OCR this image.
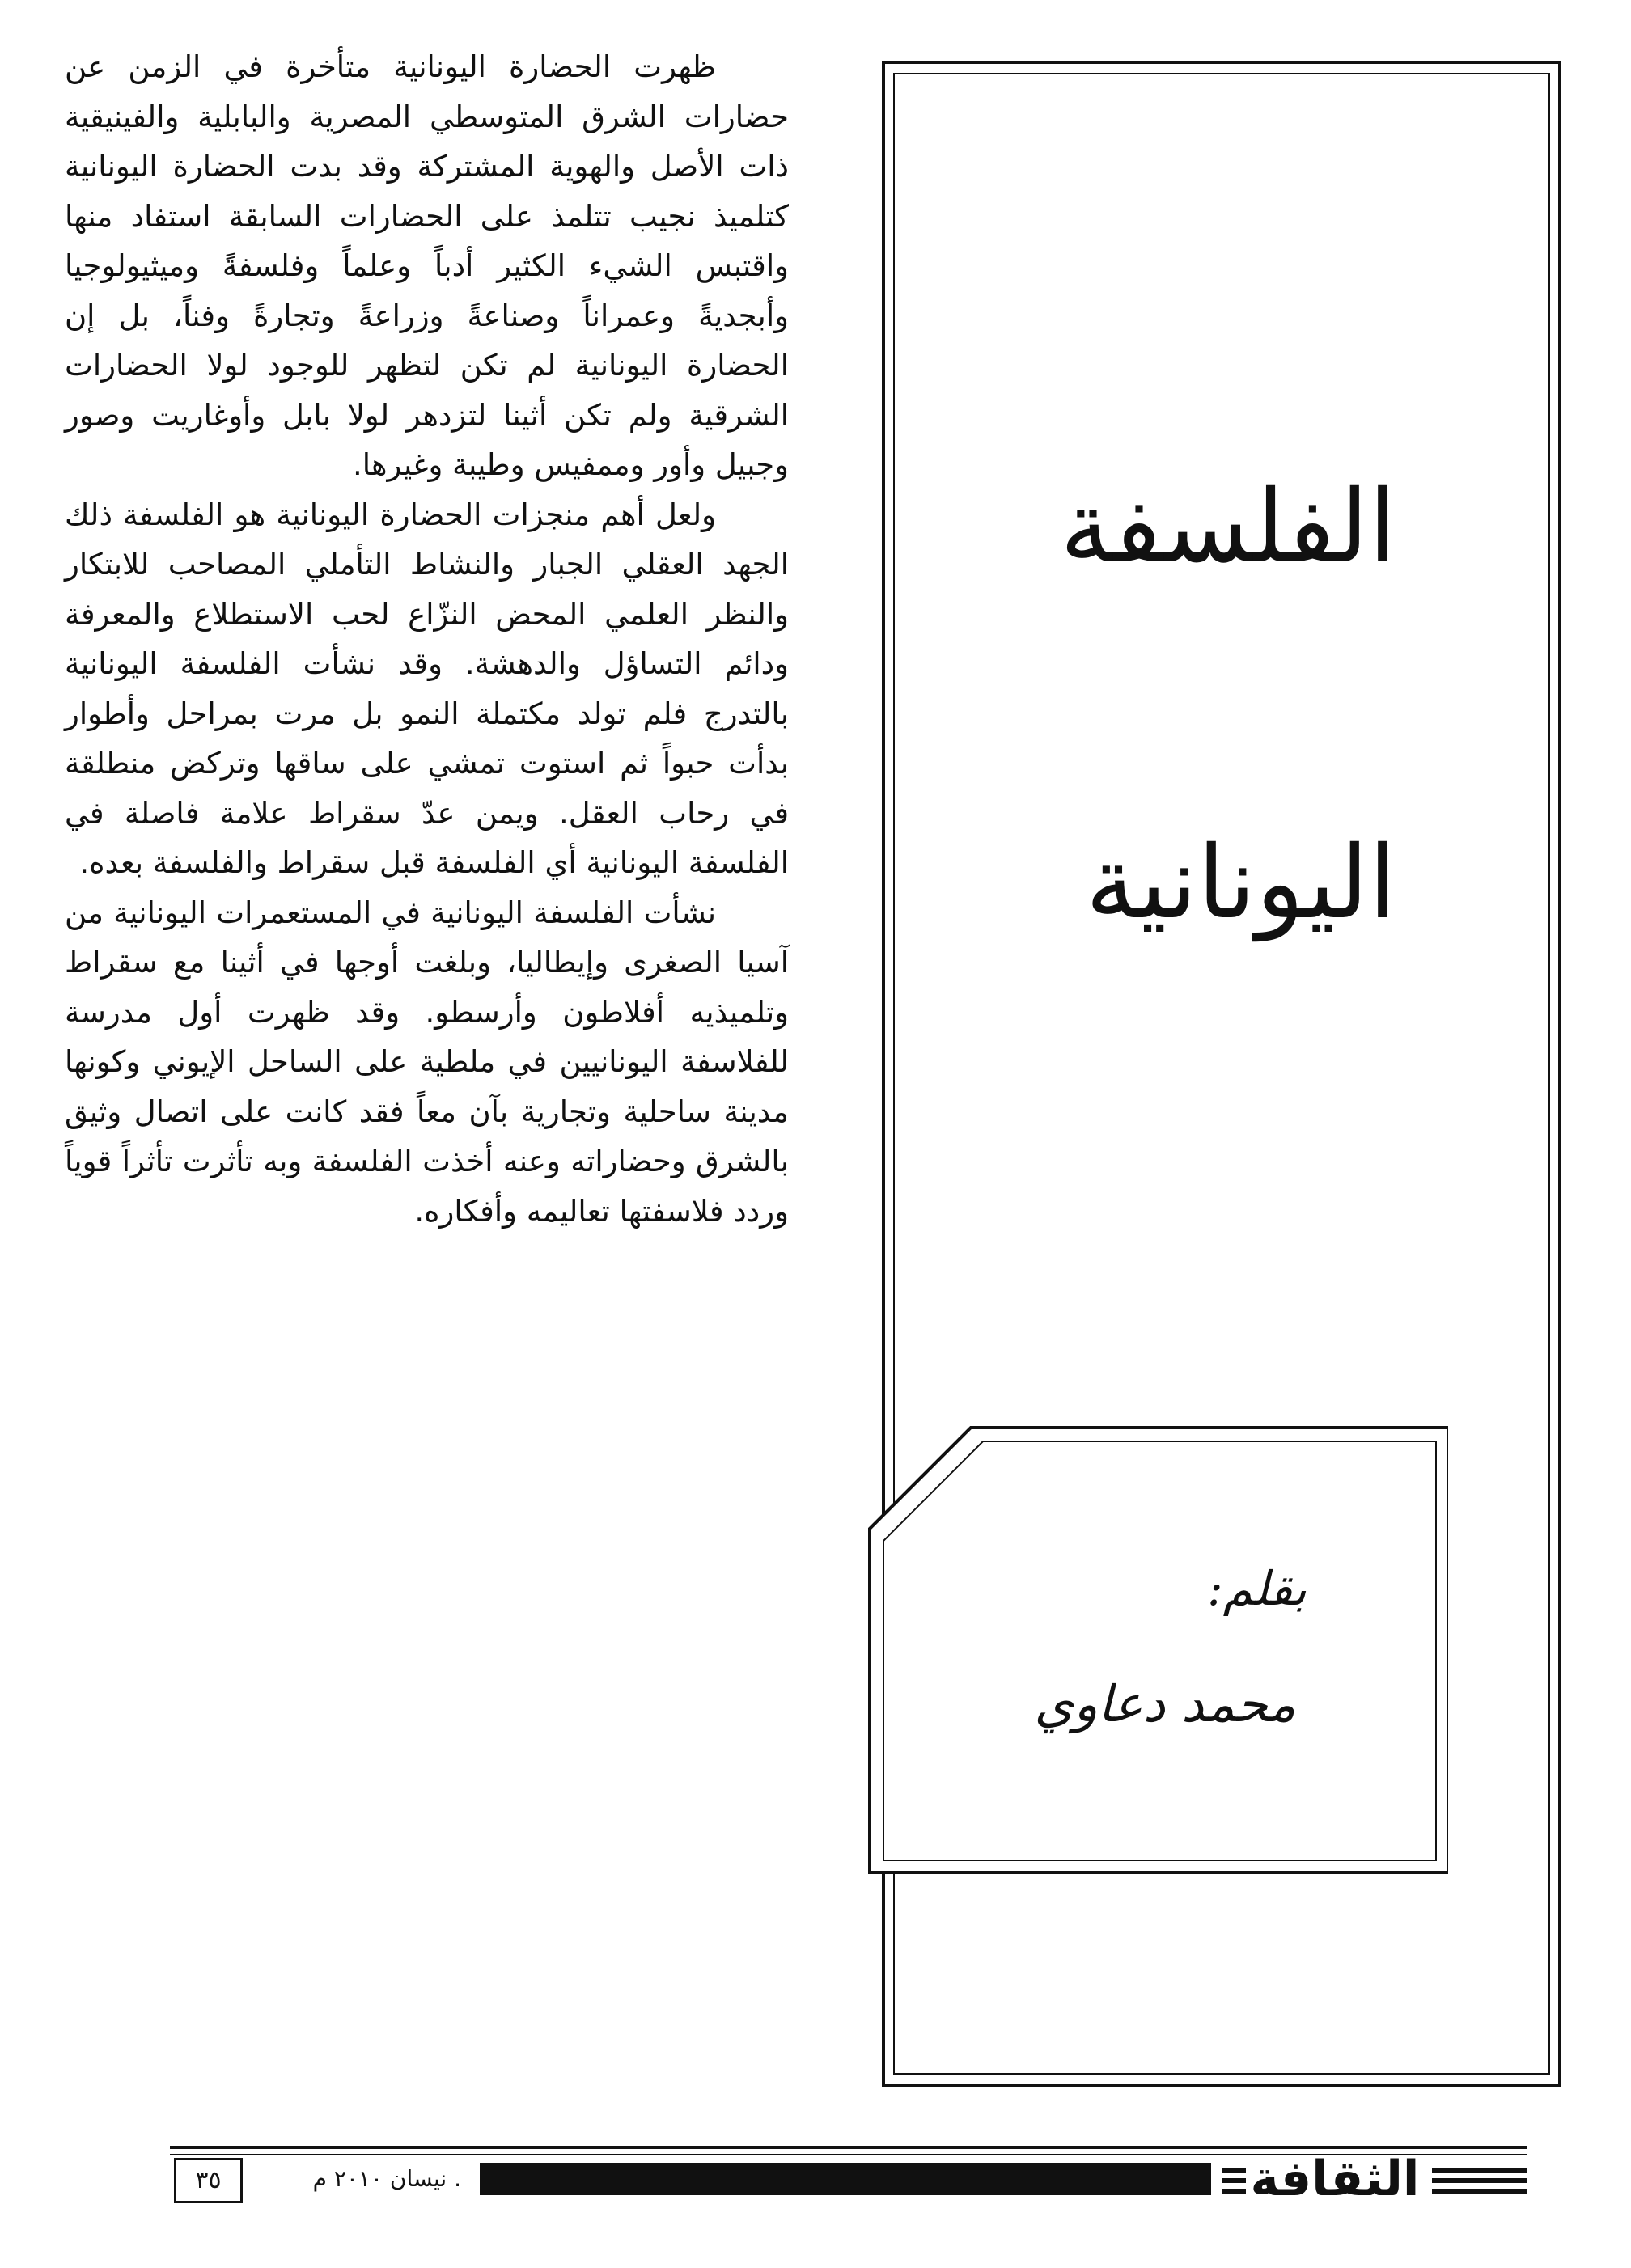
الفلسفة
اليونانية
بقلم:
محمد دعاوي

ظهرت الحضارة اليونانية متأخرة في الزمن عن حضارات الشرق المتوسطي المصرية والبابلية والفينيقية ذات الأصل والهوية المشتركة وقد بدت الحضارة اليونانية كتلميذ نجيب تتلمذ على الحضارات السابقة استفاد منها واقتبس الشيء الكثير أدباً وعلماً وفلسفةً وميثيولوجيا وأبجديةً وعمراناً وصناعةً وزراعةً وتجارةً وفناً، بل إن الحضارة اليونانية لم تكن لتظهر للوجود لولا الحضارات الشرقية ولم تكن أثينا لتزدهر لولا بابل وأوغاريت وصور وجبيل وأور وممفيس وطيبة وغيرها.

ولعل أهم منجزات الحضارة اليونانية هو الفلسفة ذلك الجهد العقلي الجبار والنشاط التأملي المصاحب للابتكار والنظر العلمي المحض النزّاع لحب الاستطلاع والمعرفة ودائم التساؤل والدهشة. وقد نشأت الفلسفة اليونانية بالتدرج فلم تولد مكتملة النمو بل مرت بمراحل وأطوار بدأت حبواً ثم استوت تمشي على ساقها وتركض منطلقة في رحاب العقل. ويمن عدّ سقراط علامة فاصلة في الفلسفة اليونانية أي الفلسفة قبل سقراط والفلسفة بعده.

نشأت الفلسفة اليونانية في المستعمرات اليونانية من آسيا الصغرى وإيطاليا، وبلغت أوجها في أثينا مع سقراط وتلميذيه أفلاطون وأرسطو. وقد ظهرت أول مدرسة للفلاسفة اليونانيين في ملطية على الساحل الإيوني وكونها مدينة ساحلية وتجارية بآن معاً فقد كانت على اتصال وثيق بالشرق وحضاراته وعنه أخذت الفلسفة وبه تأثرت تأثراً قوياً وردد فلاسفتها تعاليمه وأفكاره.

٣٥	. نيسان ٢٠١٠ م	الثقافة
